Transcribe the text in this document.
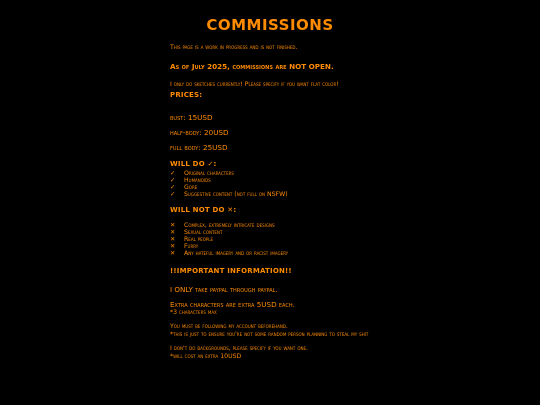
COMMISSIONS

This page is a work in progress and is not finished.

As of July 2025, commissions are NOT OPEN.

I only do sketches currently! Please specify if you want flat color!

PRICES:

bust: 15USD

half-body: 20USD

full body: 25USD

WILL DO ✓:
✓	Original characters
✓	Humanoids
✓	Gore
✓	Suggestive content (not full on NSFW)
WILL NOT DO ✕:
✕	Complex, extremely intricate designs
✕	Sexual content
✕	Real people
✕	Furry
✕	Any hateful imagery and or racist imagery
!!IMPORTANT INFORMATION!!

I ONLY take paypal through paypal.

Extra characters are extra 5USD each.

*3 characters max

You must be following my account beforehand.

*this is just to ensure you're not some random person planning to steal my shit

I don't do backgrounds, please specify if you want one.

*will cost an extra 10USD
